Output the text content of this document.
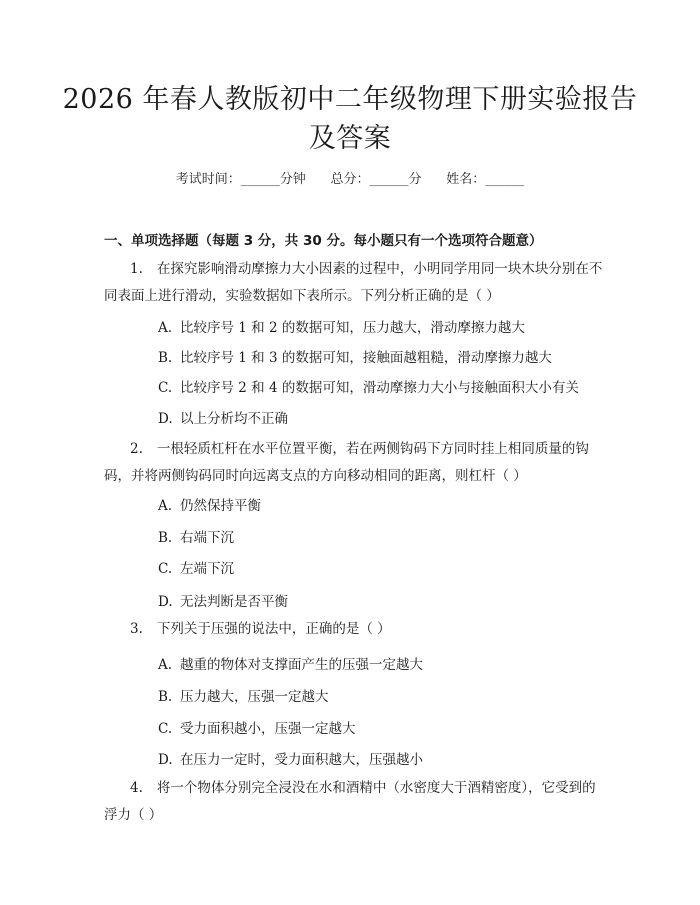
2026 年春人教版初中二年级物理下册实验报告及答案
考试时间：______分钟      总分：______分      姓名：______
一、单项选择题（每题 3 分，共 30 分。每小题只有一个选项符合题意）
1. 在探究影响滑动摩擦力大小因素的过程中，小明同学用同一块木块分别在不同表面上进行滑动，实验数据如下表所示。下列分析正确的是（ ）
A. 比较序号 1 和 2 的数据可知，压力越大，滑动摩擦力越大
B. 比较序号 1 和 3 的数据可知，接触面越粗糙，滑动摩擦力越大
C. 比较序号 2 和 4 的数据可知，滑动摩擦力大小与接触面积大小有关
D. 以上分析均不正确
2. 一根轻质杠杆在水平位置平衡，若在两侧钩码下方同时挂上相同质量的钩码，并将两侧钩码同时向远离支点的方向移动相同的距离，则杠杆（ ）
A. 仍然保持平衡
B. 右端下沉
C. 左端下沉
D. 无法判断是否平衡
3. 下列关于压强的说法中，正确的是（ ）
A. 越重的物体对支撑面产生的压强一定越大
B. 压力越大，压强一定越大
C. 受力面积越小，压强一定越大
D. 在压力一定时，受力面积越大，压强越小
4. 将一个物体分别完全浸没在水和酒精中（水密度大于酒精密度），它受到的浮力（ ）
